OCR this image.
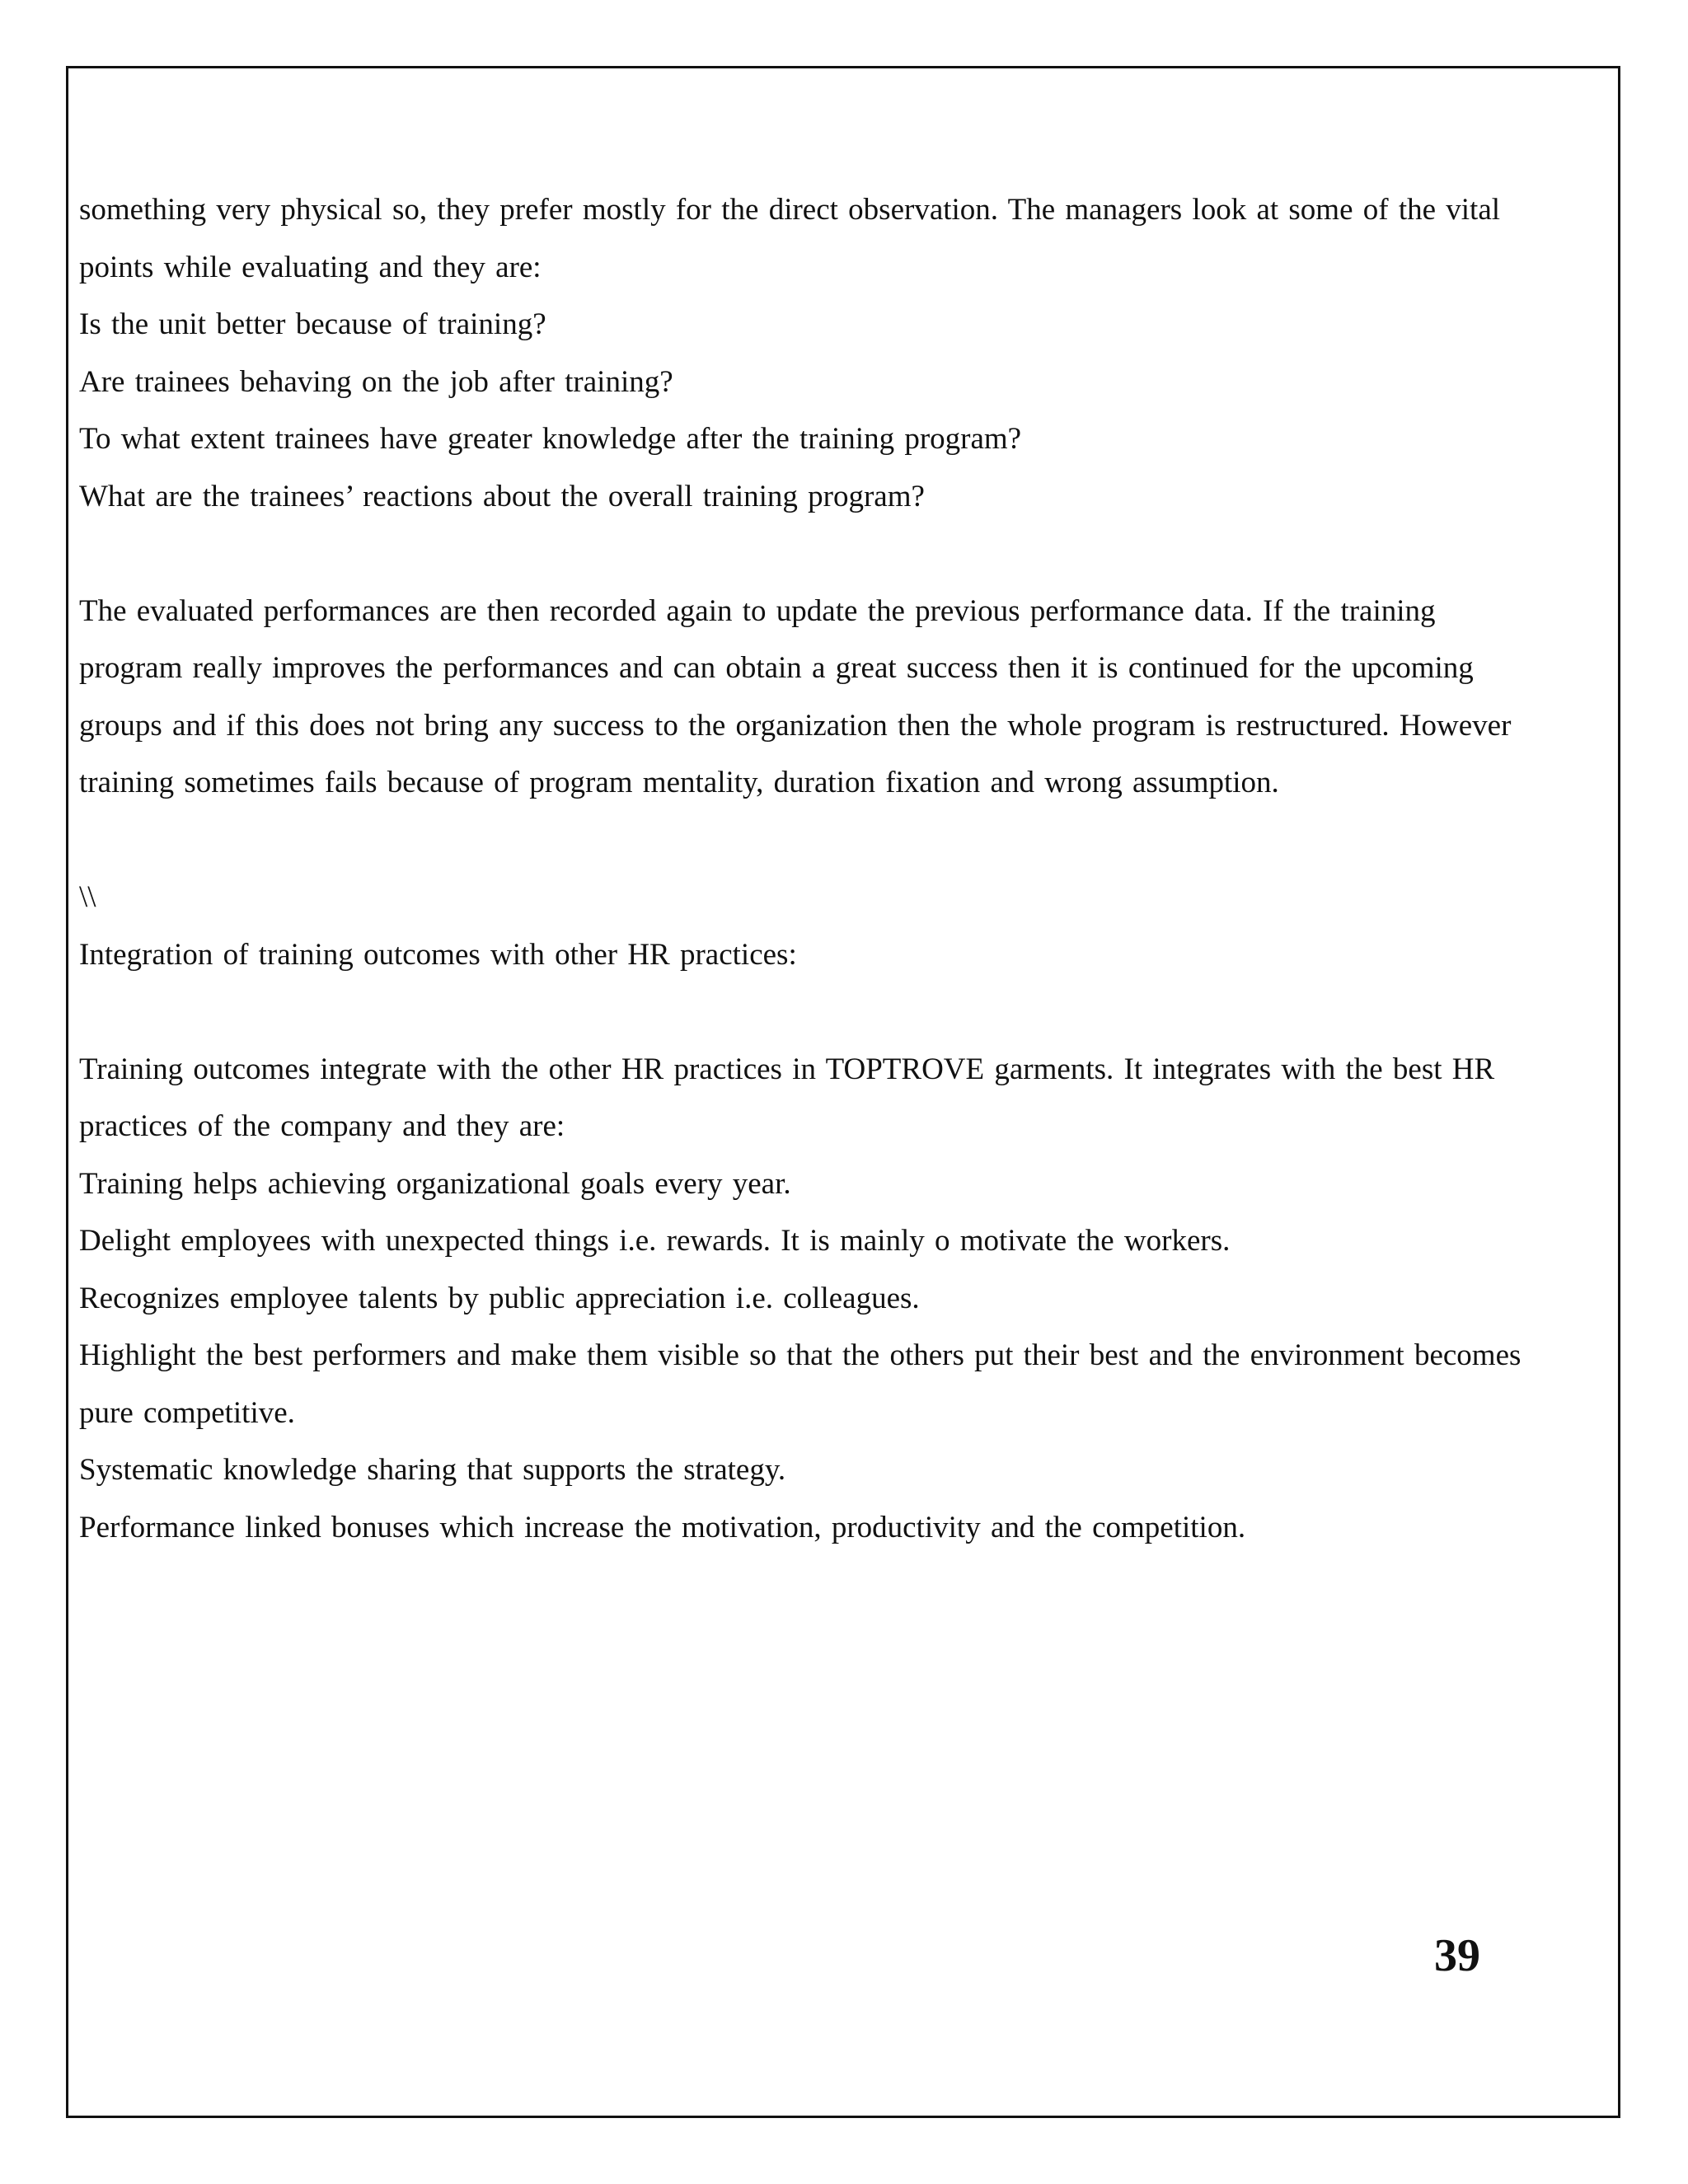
something very physical so, they prefer mostly for the direct observation. The managers look at some of the vital

points while evaluating and they are:

Is the unit better because of training?

Are trainees behaving on the job after training?

To what extent trainees have greater knowledge after the training program?

What are the trainees’ reactions about the overall training program?

The evaluated performances are then recorded again to update the previous performance data. If the training

program really improves the performances and can obtain a great success then it is continued for the upcoming

groups and if this does not bring any success to the organization then the whole program is restructured. However

training sometimes fails because of program mentality, duration fixation and wrong assumption.

\\

Integration of training outcomes with other HR practices:

Training outcomes integrate with the other HR practices in TOPTROVE garments. It integrates with the best HR

practices of the company and they are:

Training helps achieving organizational goals every year.

Delight employees with unexpected things i.e. rewards. It is mainly o motivate the workers.

Recognizes employee talents by public appreciation i.e. colleagues.

Highlight the best performers and make them visible so that the others put their best and the environment becomes

pure competitive.

Systematic knowledge sharing that supports the strategy.

Performance linked bonuses which increase the motivation, productivity and the competition.

39
